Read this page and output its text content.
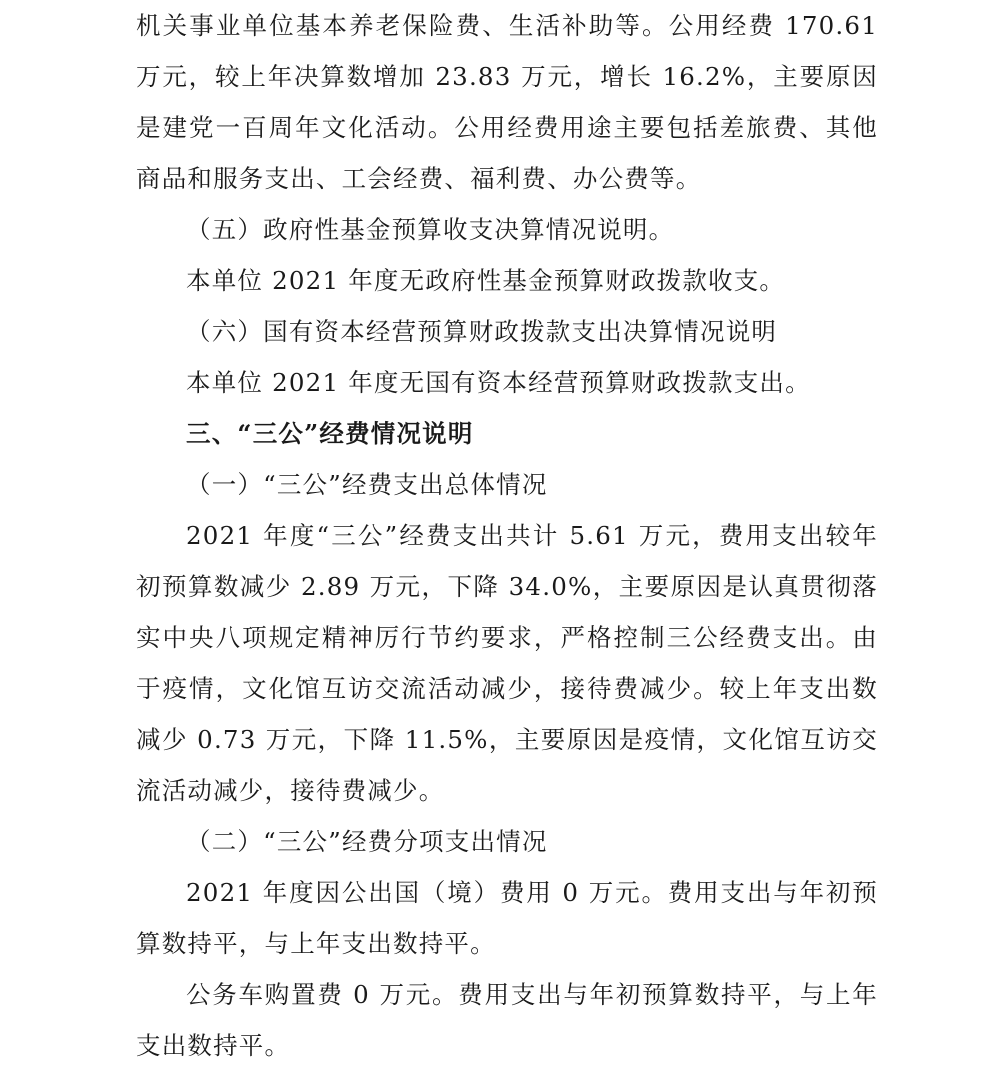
机关事业单位基本养老保险费、生活补助等。公用经费 170.61 万元，较上年决算数增加 23.83 万元，增长 16.2%，主要原因是建党一百周年文化活动。公用经费用途主要包括差旅费、其他商品和服务支出、工会经费、福利费、办公费等。

（五）政府性基金预算收支决算情况说明。

本单位 2021 年度无政府性基金预算财政拨款收支。

（六）国有资本经营预算财政拨款支出决算情况说明

本单位 2021 年度无国有资本经营预算财政拨款支出。

三、“三公”经费情况说明

（一）“三公”经费支出总体情况

2021 年度“三公”经费支出共计 5.61 万元，费用支出较年初预算数减少 2.89 万元，下降 34.0%，主要原因是认真贯彻落实中央八项规定精神厉行节约要求，严格控制三公经费支出。由于疫情，文化馆互访交流活动减少，接待费减少。较上年支出数减少 0.73 万元，下降 11.5%，主要原因是疫情，文化馆互访交流活动减少，接待费减少。

（二）“三公”经费分项支出情况

2021 年度因公出国（境）费用 0 万元。费用支出与年初预算数持平，与上年支出数持平。

公务车购置费 0 万元。费用支出与年初预算数持平，与上年支出数持平。
